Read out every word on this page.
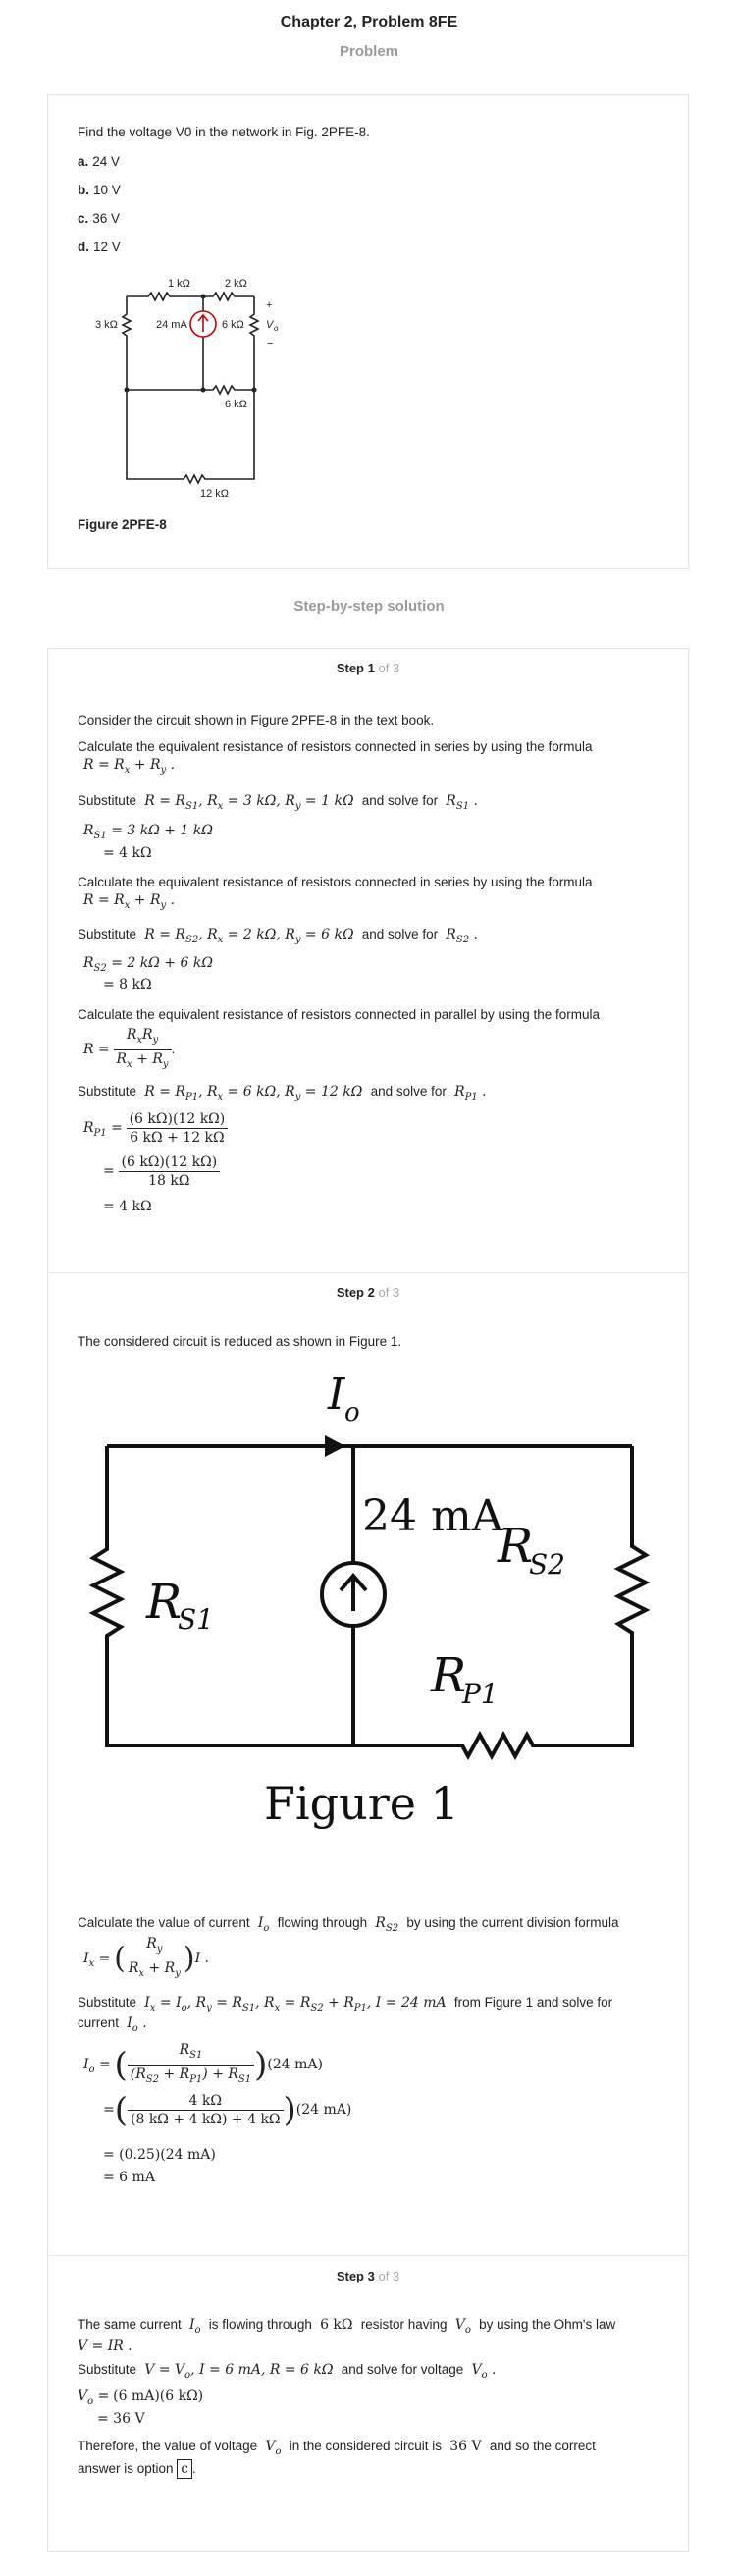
Chapter 2, Problem 8FE
Problem
Find the voltage V0 in the network in Fig. 2PFE-8.
a. 24 V
b. 10 V
c. 36 V
d. 12 V
1 kΩ	2 kΩ
3 kΩ	24 mA	6 kΩ
6 kΩ
12 kΩ
+
V o
−
Figure 2PFE-8
Step-by-step solution
Step 1 of 3
Consider the circuit shown in Figure 2PFE-8 in the text book.
Calculate the equivalent resistance of resistors connected in series by using the formula
$R = R_x + R_y$ .
Substitute  $R = R_{S1}$, $R_x = 3$ kΩ, $R_y = 1$ kΩ  and solve for  $R_{S1}$ .
$R_{S1} = 3$ kΩ + 1 kΩ
= 4 kΩ
Calculate the equivalent resistance of resistors connected in series by using the formula
$R = R_x + R_y$ .
Substitute  $R = R_{S2}$, $R_x = 2$ kΩ, $R_y = 6$ kΩ  and solve for  $R_{S2}$ .
$R_{S2} = 2$ kΩ + 6 kΩ
= 8 kΩ
Calculate the equivalent resistance of resistors connected in parallel by using the formula
$R = \frac{R_xR_y}{R_x + R_y}$ .
Substitute  $R = R_{P1}$, $R_x = 6$ kΩ, $R_y = 12$ kΩ  and solve for  $R_{P1}$ .
$R_{P1} = \frac{(6 k\Omega)(12 k\Omega)}{6 k\Omega + 12 k\Omega}$
= $\frac{(6 k\Omega)(12 k\Omega)}{18 k\Omega}$
= 4 kΩ
Step 2 of 3
The considered circuit is reduced as shown in Figure 1.
I o
24 mA
R
S1
R
S2
R
P1
Figure 1
Calculate the value of current  $I_o$ flowing through  $R_{S2}$ by using the current division formula
$I_x$ = ( $\frac{R_y}{R_x + R_y} )I$ .
Substitute  $I_x = I_o$, $R_y = R_{S1}$, $R_x = R_{S2} + R_{P1}$, I = 24 mA  from Figure 1 and solve for
current  $I_o$ .
$I_o$ = ( $\frac{R_{S1}}{(R_{S2} + R_{P1}) + R_{S1}} )(24$ mA)
=( $\frac{4 k\Omega}{(8 k\Omega + 4 k\Omega) + 4 k\Omega} )(24$ mA)
= (0.25)(24 mA)
= 6 mA
Step 3 of 3
The same current  $I_o$ is flowing through  6 kΩ  resistor having  $V_o$ by using the Ohm's law
V = IR .
Substitute  $V = V_o$, I = 6 mA, R = 6 kΩ  and solve for voltage  $V_o$ .
$V_o = (6$ mA)(6 kΩ)
= 36 V
Therefore, the value of voltage  $V_o$ in the considered circuit is  36 V  and so the correct
answer is option c .
